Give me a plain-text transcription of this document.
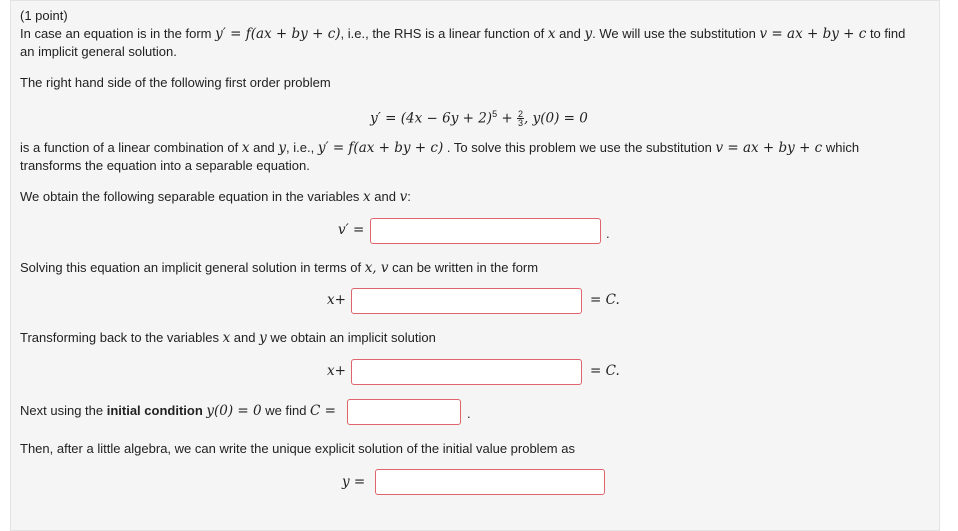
(1 point)
In case an equation is in the form y′ = f(ax + by + c), i.e., the RHS is a linear function of x and y. We will use the substitution v = ax + by + c to find
an implicit general solution.
The right hand side of the following first order problem
$y' = (4x - 6y + 2)^5 + \frac{2}{3}$ , y(0) = 0
is a function of a linear combination of x and y, i.e., y′ = f(ax + by + c) . To solve this problem we use the substitution v = ax + by + c which
transforms the equation into a separable equation.
We obtain the following separable equation in the variables x and v:
v′ =	.
Solving this equation an implicit general solution in terms of x, v can be written in the form
x+	= C.
Transforming back to the variables x and y we obtain an implicit solution
x+	= C.
Next using the initial condition y(0) = 0 we find C =	.
Then, after a little algebra, we can write the unique explicit solution of the initial value problem as
y =
